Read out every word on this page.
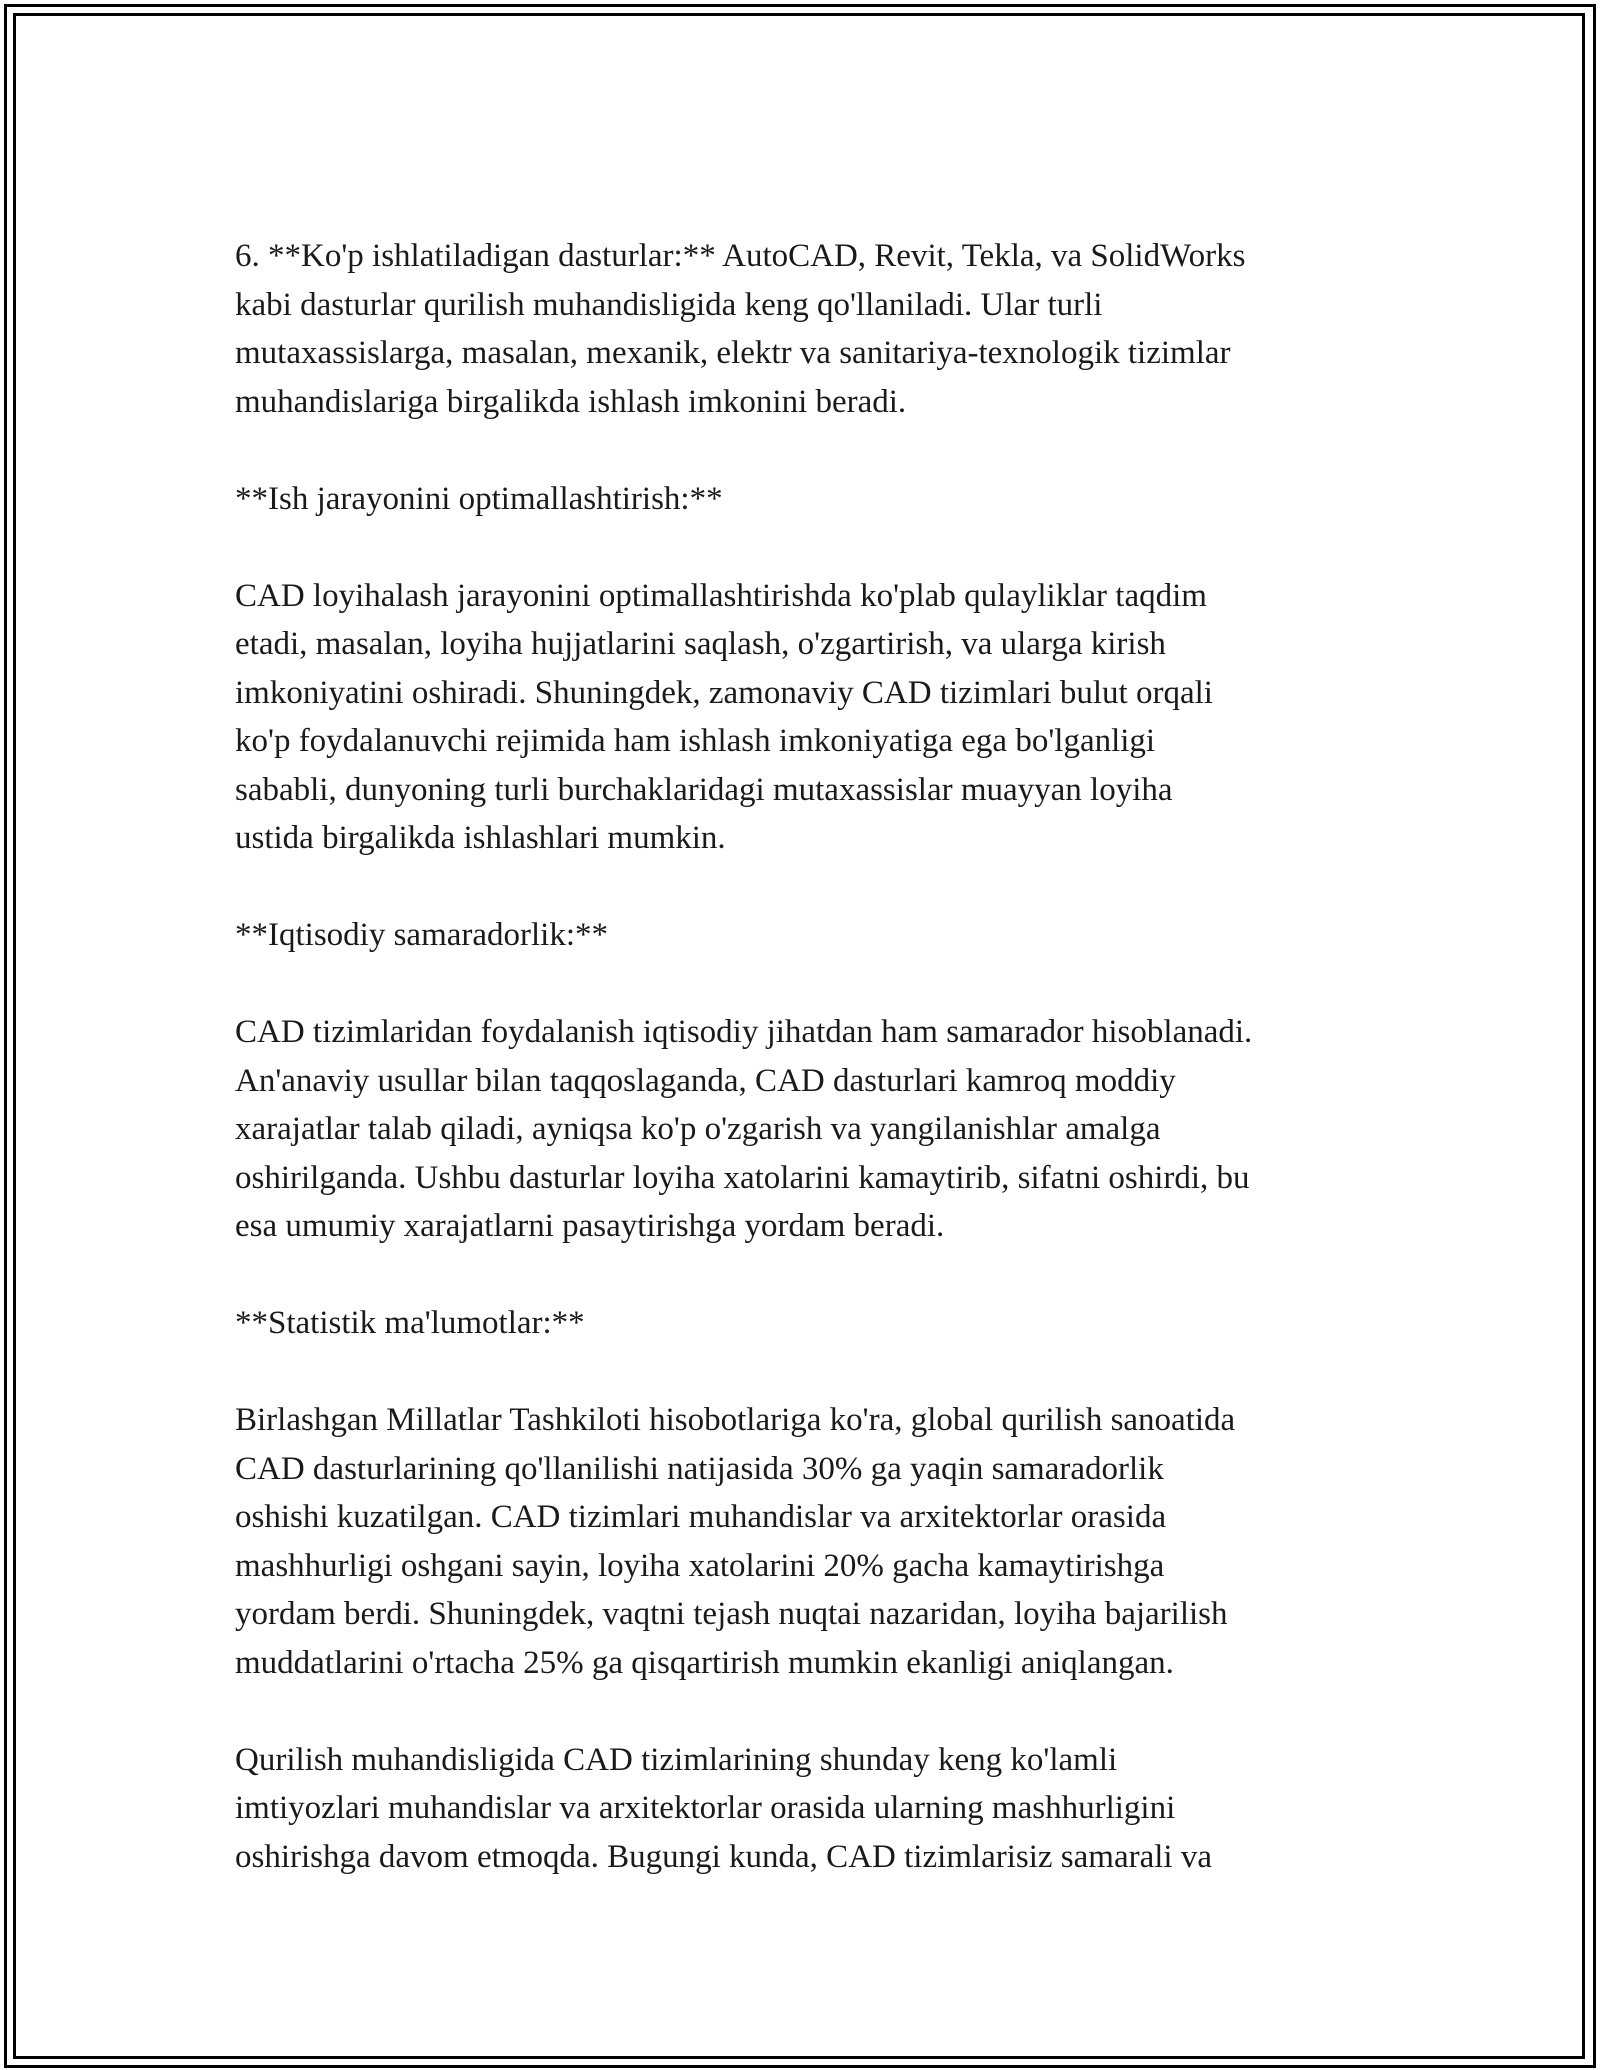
6. **Ko'p ishlatiladigan dasturlar:** AutoCAD, Revit, Tekla, va SolidWorks
kabi dasturlar qurilish muhandisligida keng qo'llaniladi. Ular turli
mutaxassislarga, masalan, mexanik, elektr va sanitariya-texnologik tizimlar
muhandislariga birgalikda ishlash imkonini beradi.

**Ish jarayonini optimallashtirish:**

CAD loyihalash jarayonini optimallashtirishda ko'plab qulayliklar taqdim
etadi, masalan, loyiha hujjatlarini saqlash, o'zgartirish, va ularga kirish
imkoniyatini oshiradi. Shuningdek, zamonaviy CAD tizimlari bulut orqali
ko'p foydalanuvchi rejimida ham ishlash imkoniyatiga ega bo'lganligi
sababli, dunyoning turli burchaklaridagi mutaxassislar muayyan loyiha
ustida birgalikda ishlashlari mumkin.

**Iqtisodiy samaradorlik:**

CAD tizimlaridan foydalanish iqtisodiy jihatdan ham samarador hisoblanadi.
An'anaviy usullar bilan taqqoslaganda, CAD dasturlari kamroq moddiy
xarajatlar talab qiladi, ayniqsa ko'p o'zgarish va yangilanishlar amalga
oshirilganda. Ushbu dasturlar loyiha xatolarini kamaytirib, sifatni oshirdi, bu
esa umumiy xarajatlarni pasaytirishga yordam beradi.

**Statistik ma'lumotlar:**

Birlashgan Millatlar Tashkiloti hisobotlariga ko'ra, global qurilish sanoatida
CAD dasturlarining qo'llanilishi natijasida 30% ga yaqin samaradorlik
oshishi kuzatilgan. CAD tizimlari muhandislar va arxitektorlar orasida
mashhurligi oshgani sayin, loyiha xatolarini 20% gacha kamaytirishga
yordam berdi. Shuningdek, vaqtni tejash nuqtai nazaridan, loyiha bajarilish
muddatlarini o'rtacha 25% ga qisqartirish mumkin ekanligi aniqlangan.

Qurilish muhandisligida CAD tizimlarining shunday keng ko'lamli
imtiyozlari muhandislar va arxitektorlar orasida ularning mashhurligini
oshirishga davom etmoqda. Bugungi kunda, CAD tizimlarisiz samarali va
